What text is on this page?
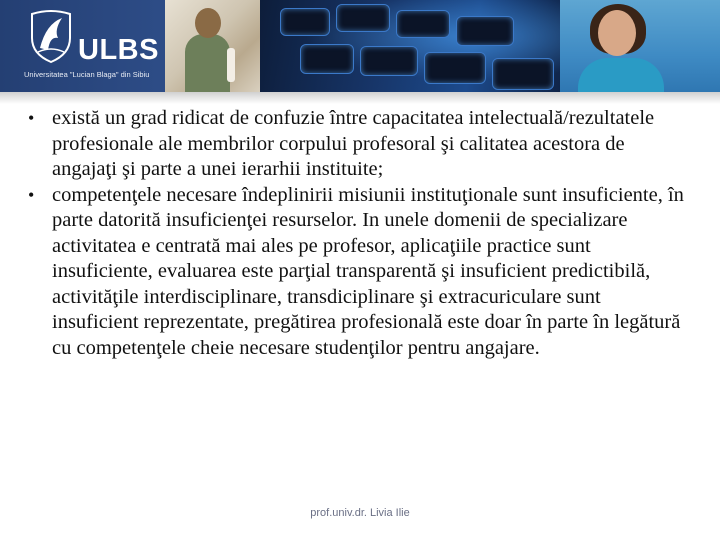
ULBS
Universitatea "Lucian Blaga" din Sibiu
• există un grad ridicat de confuzie între capacitatea intelectuală/rezultatele profesionale ale membrilor corpului profesoral şi calitatea acestora de angajaţi şi parte a unei ierarhii instituite;
• competenţele necesare îndeplinirii misiunii instituţionale sunt insuficiente, în parte datorită insuficienţei resurselor. In unele domenii de specializare activitatea e centrată mai ales pe profesor, aplicaţiile practice sunt insuficiente, evaluarea este parţial transparentă şi insuficient predictibilă, activităţile interdisciplinare, transdiciplinare şi extracuriculare sunt insuficient reprezentate, pregătirea profesională este doar în parte în legătură cu competenţele cheie necesare studenţilor pentru angajare.
prof.univ.dr. Livia Ilie
